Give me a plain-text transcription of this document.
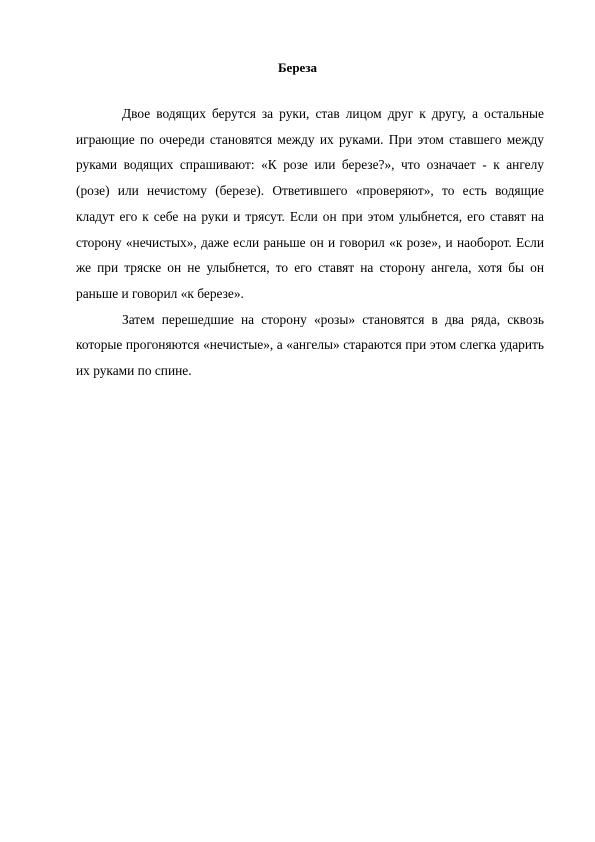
Береза

Двое водящих берутся за руки, став лицом друг к другу, а остальные играющие по очереди становятся между их руками. При этом ставшего между руками водящих спрашивают: «К розе или березе?», что означает - к ангелу (розе) или нечистому (березе). Ответившего «проверяют», то есть водящие кладут его к себе на руки и трясут. Если он при этом улыбнется, его ставят на сторону «нечистых», даже если раньше он и говорил «к розе», и наоборот. Если же при тряске он не улыбнется, то его ставят на сторону ангела, хотя бы он раньше и говорил «к березе».

Затем перешедшие на сторону «розы» становятся в два ряда, сквозь которые прогоняются «нечистые», а «ангелы» стараются при этом слегка ударить их руками по спине.
